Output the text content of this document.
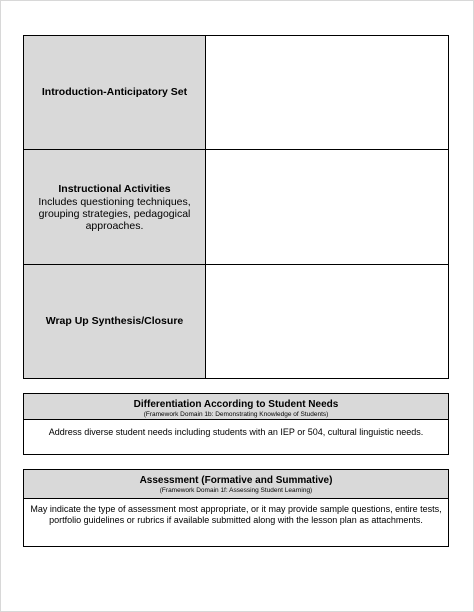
Introduction-Anticipatory Set
Instructional Activities
Includes questioning techniques, grouping strategies, pedagogical approaches.
Wrap Up Synthesis/Closure
Differentiation According to Student Needs
(Framework Domain 1b: Demonstrating Knowledge of Students)
Address diverse student needs including students with an IEP or 504, cultural linguistic needs.
Assessment (Formative and Summative)
(Framework Domain 1f: Assessing Student Learning)
May indicate the type of assessment most appropriate, or it may provide sample questions, entire tests, portfolio guidelines or rubrics if available submitted along with the lesson plan as attachments.
